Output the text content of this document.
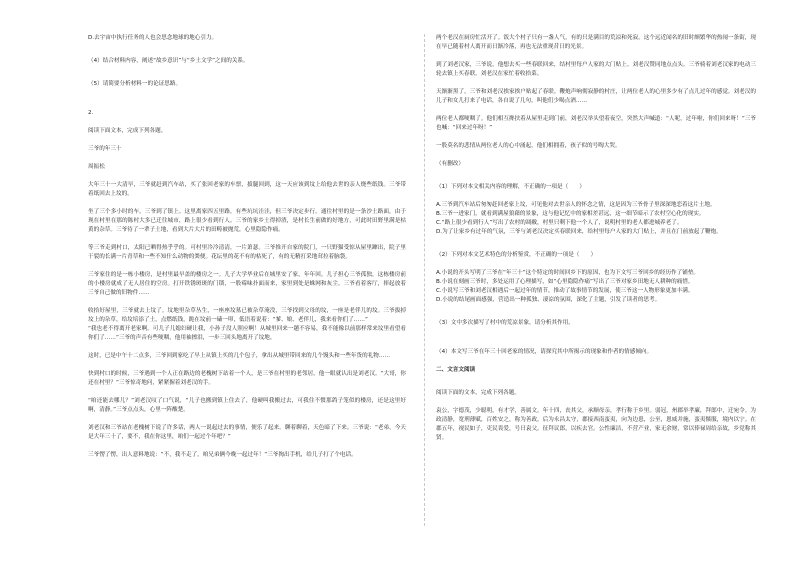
D.去宇宙中执行任务的人也会思念地球的地心引力。

（4）结合材料内容，阐述“故乡意识”与“乡土文学”之间的关系。

（5）请简要分析材料一的论证思路。

2.

阅读下面文本，完成下列各题。

三爷的年三十

周振松

大年三十一大清早，三爷就赶到汽车站，买了张回老家的车票，拔腿回到，这一天应该到坟上给他去世的亲人烧些纸钱。三爷带着纸回去上坟的。

坐了三个多小时的车，三爷到了镇上。这里离家四五里路，有些坑坑洼洼，但三爷决定步行。通往村里的是一条沙土路面，由于现在村里在那的陈村大多已迁往城市，路上很少看到行人。三爷的家乡土得掉渣，是村长生前做的好地方，可此时田野里满是枯黄的杂草。三爷待了一辈子土地，看到大片大片的田畴被抛荒，心里隐隐作痛。

等三爷走到村口，太阳已晒得热乎乎的。可村里冷冷清清，一片萧瑟。三爷推开自家的院门，一只野猫受惊从屋里蹿出，院子里干裂的长满一片青草和一些不知什么动物的粪便。花坛里的花不有的枯死了，有的无精打采地耷拉着脑袋。

三爷家住的是一栋小楼房，是村里最早盖的楼房之一。儿子大学毕业后在城里安了家，年年回。儿子担心三爷孤独，这栋楼房前的小楼房就成了无人居住的空房。打开铁锈斑斑的门锁，一股霉味扑面而来，家里到处是蛛网和灰尘。三爷看着客厅，摔起放着三爷自己做的旧物件……

收拾好屋里，三爷就去上坟了。坟地里杂草丛生，一座座坟墓已被杂草淹没，三爷找到父母的坟，一座是老伴儿的坟。三爷拔掉坟上的杂草，给坟培添了土，点燃纸钱，跪在坟前一磕一叩，低语着说着：“爹、娘、老伴儿，我来看你们了……”

“我也老不得离开老家啊。可儿子儿媳妇硬让我，小孙子没人照应啊！从城里回来一趟不容易，我不能像以前那样常来坟里看望看你们了……”三爷的声音有些哽咽，他用袖擦泪，一步三回头地离开了坟地。

这时，已是中午十二点多，三爷回到家吃了早上从镇上买的几个包子，拿出从城里带回来的几个馒头和一些年货的礼物……

快到村口的时候，三爷遇到一个人正在路边的老槐树下站着一个人，是三爷在村里的老邻居，他一眼就认出是刘老汉。“大哥，你还在村里？”三爷惊奇地问，紧紧握着刘老汉的手。

“咱还能去哪儿？”刘老汉叹了口气说，“儿子也搬到镇上住去了，他硬叫我搬过去，可我住不惯那鸽子笼似的楼房，还是这里好啊，清静。”三爷点点头，心里一阵酸楚。

刘老汉和三爷站在老槐树下说了许多话，两人一说起过去的事情，便乐了起来。聊着聊着，天色暗了下来。三爷说：“老弟，今天是大年三十了，要不，我在你这里，咱们一起过个年吧？”

三爷愣了愣，出人意料地说：“不，我不走了，咱兄弟俩今晚一起过年！”三爷掏出手机，给儿子打了个电话。

两个老汉在厨房忙活开了。饭大个村子只有一盏人气，有的只是满目的荒凉和死寂。这个远近闻名的旧时颇繁华的热闹一条街，现在早已随着村人离开而日渐冷落，再也无法重现昔日的光景。

到了刘老汉家，三爷说，他想去买一些春联回来，结村里每户人家的大门贴上。刘老汉赞同地点点头。三爷骑着刘老汉家的电动三轮去镇上买春联，刘老汉在家忙着收拾菜。

天渐渐黑了，三爷和刘老汉挨家挨户贴起了春联。鞭炮声响彻寂静的村庄，让两位老人的心里多少有了点儿过年的感觉。刘老汉的儿子和女儿打来了电话，各自说了几句，叫他们少喝点酒……

两位老人都哽咽了。他们相互搀扶着从屋里走到门前，刘老汉举头望着夜空，突然大声喊道：“人呢，过年啦，你们回来呀！”三爷也喊：“回来过年呀！”

一股莫名的悲情从两位老人的心中涌起，他们相拥着，孩子似的号啕大哭。

（有删改）

（1）下列对本文相关内容的理解，不正确的一项是（　　）

A.三爷到汽车站后匆匆赶回老家上坟，可见他对去世亲人的怀念之情，这是因为三爷骨子里深深地恋着这片土地。

B.三爷一进家门，就看到满屋狼藉的景象，这与他记忆中的家相差甚远，这一细节暗示了农村空心化的现实。

C.“路上很少看到行人”写出了农村的凋敝，村里只剩下他一个人了，说明村里的老人都进城养老了。

D.为了让家乡有过年的气氛，三爷与刘老汉决定买春联回来，给村里每户人家的大门贴上，并且在门前放起了鞭炮。

（2）下列对本文艺术特色的分析鉴赏，不正确的一项是（　　）

A.小说的开头写明了三爷在“年三十”这个特定的时间回乡下的原因，也为下文写三爷回乡的经历作了铺垫。

B.小说在刻画三爷时，多处运用了心理描写，如“心里隐隐作痛”写出了三爷对家乡田地无人耕种的痛惜。

C.小说写三爷和刘老汉相遇后一起过年的情节，推动了故事情节的发展，使三爷这一人物形象更加丰满。

D.小说的结尾画面感强，营造出一种孤独、凄凉的氛围，深化了主题，引发了读者的思考。

（3）文中多次描写了村中的荒凉景象，请分析其作用。

（4）本文写三爷在年三十回老家的情况，请探究其中所揭示的现象和作者的情感倾向。

二、文言文阅读

阅读下面的文本，完成下列各题。

袁公，字德茂，少聪明，有才学，善属文。年十四，丧其父，承顺母亲，孝行称于乡里。弱冠，州郡举孝廉，拜郎中，迁宛令。为政清静，宽刑薄赋，百姓安之，称为善政。后为永昌太守，郡接西南蛮夷，向为边患，公至，恩威并施，蛮夷慑服，境内以宁。在郡五年，视民如子，吏民畏爱，号曰袁父。征拜议郎，以疾去官。公性廉洁，不营产业，家无余财，常以俸禄周给亲故，乡党称其贤。
